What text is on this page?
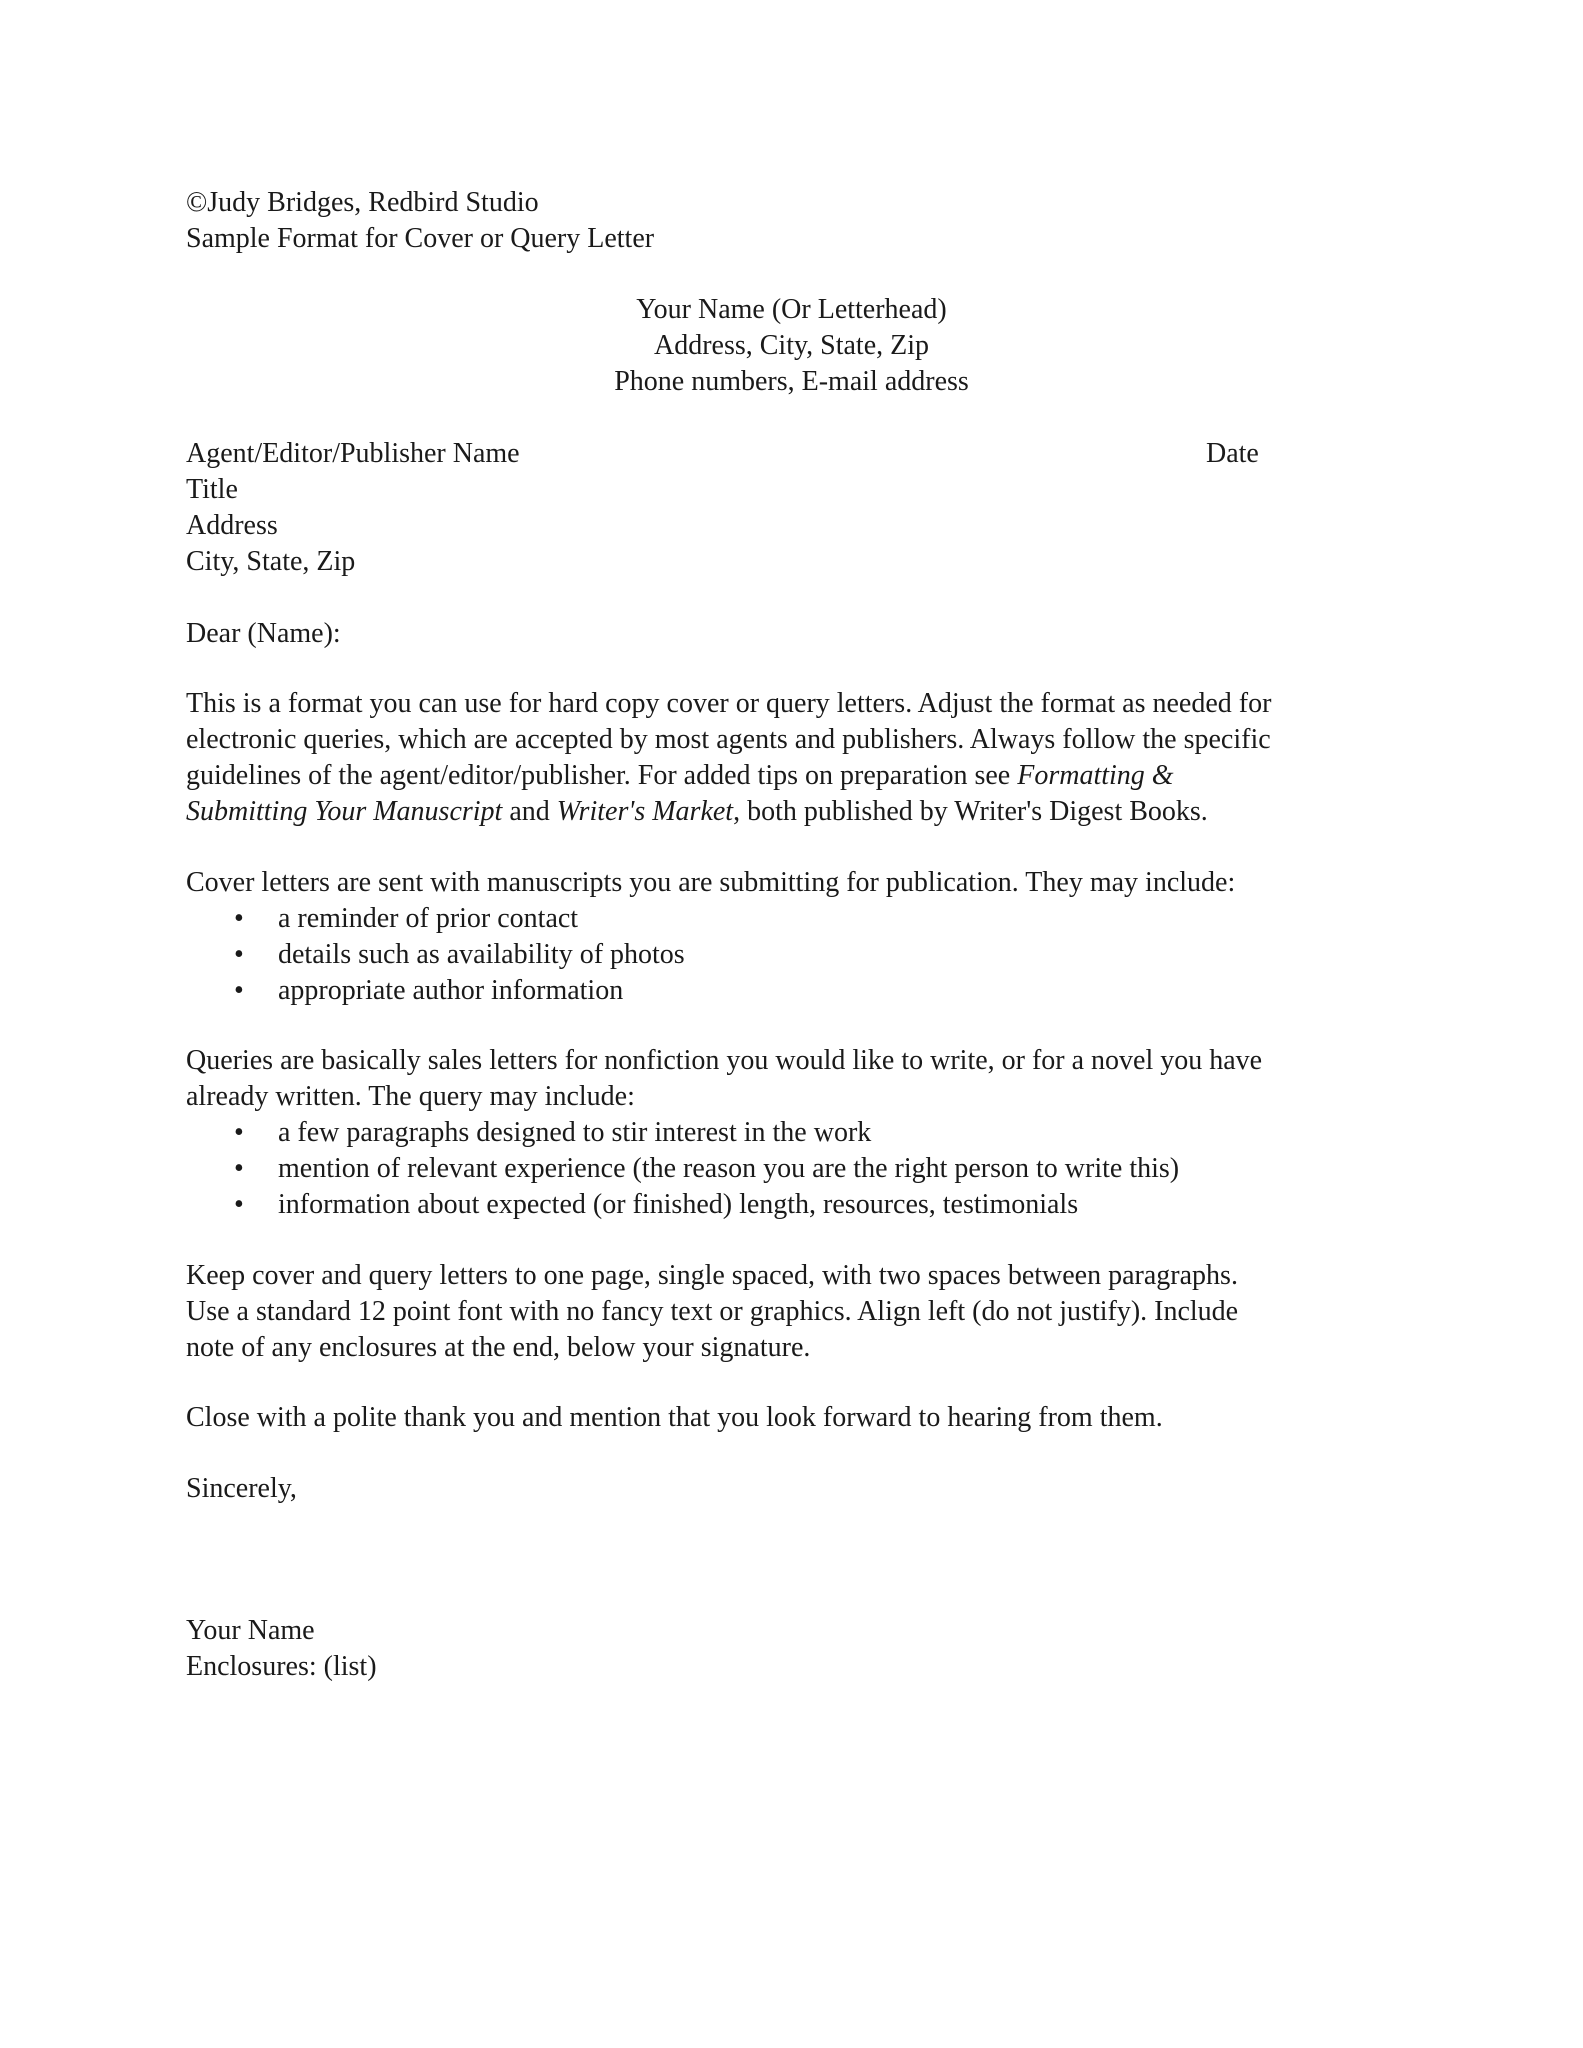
©Judy Bridges, Redbird Studio
Sample Format for Cover or Query Letter
Your Name (Or Letterhead)
Address, City, State, Zip
Phone numbers, E-mail address
Agent/Editor/Publisher Name
Title
Address
City, State, Zip
Date
Dear (Name):
This is a format you can use for hard copy cover or query letters. Adjust the format as needed for
electronic queries, which are accepted by most agents and publishers. Always follow the specific
guidelines of the agent/editor/publisher. For added tips on preparation see Formatting &
Submitting Your Manuscript and Writer's Market, both published by Writer's Digest Books.
Cover letters are sent with manuscripts you are submitting for publication. They may include:
• a reminder of prior contact
• details such as availability of photos
• appropriate author information
Queries are basically sales letters for nonfiction you would like to write, or for a novel you have
already written. The query may include:
• a few paragraphs designed to stir interest in the work
• mention of relevant experience (the reason you are the right person to write this)
• information about expected (or finished) length, resources, testimonials
Keep cover and query letters to one page, single spaced, with two spaces between paragraphs.
Use a standard 12 point font with no fancy text or graphics. Align left (do not justify). Include
note of any enclosures at the end, below your signature.
Close with a polite thank you and mention that you look forward to hearing from them.
Sincerely,
Your Name
Enclosures: (list)
